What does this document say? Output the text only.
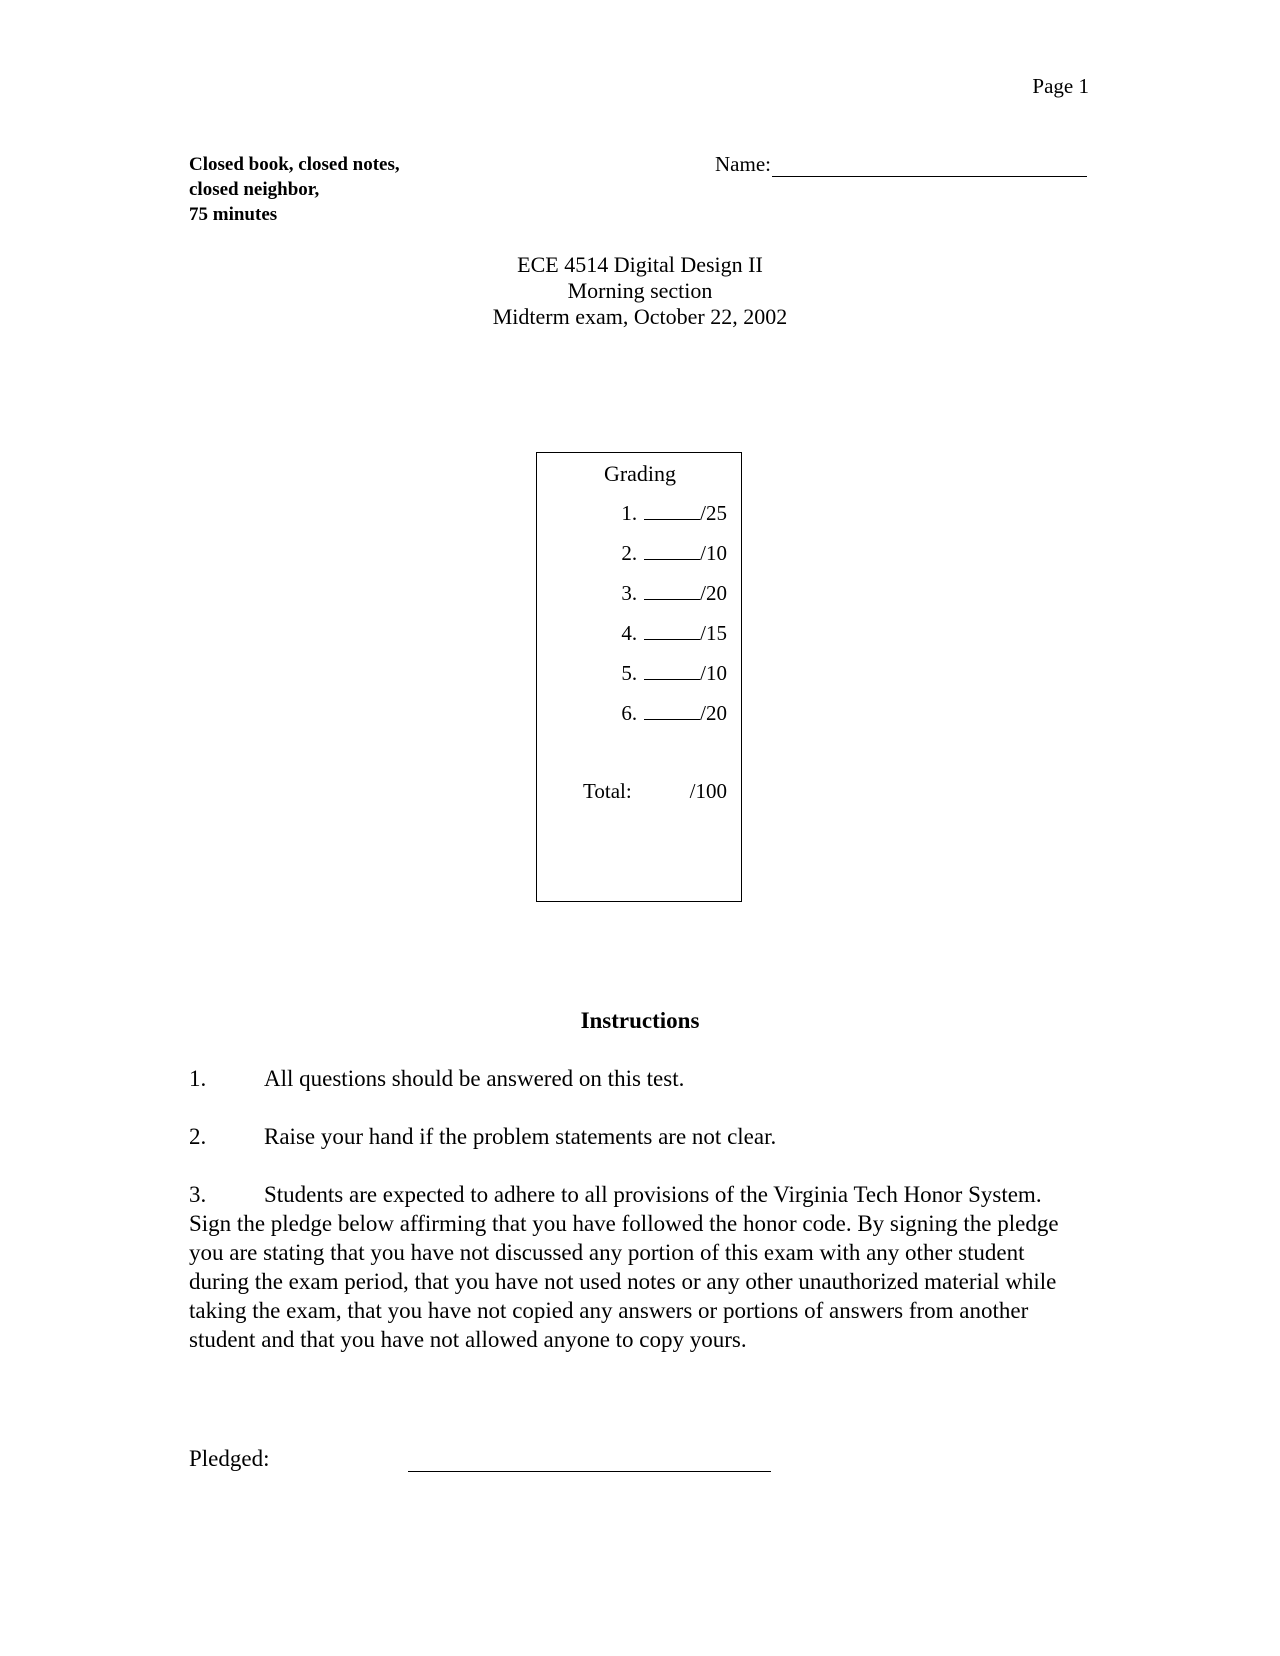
Page 1
Closed book, closed notes,
closed neighbor,
75 minutes
Name:
ECE 4514 Digital Design II
Morning section
Midterm exam, October 22, 2002
Grading
1.	/25
2.	/10
3.	/20
4.	/15
5.	/10
6.	/20
Total:	/100
Instructions
1.	All questions should be answered on this test.
2.	Raise your hand if the problem statements are not clear.
3.	Students are expected to adhere to all provisions of the Virginia Tech Honor System. Sign the pledge below affirming that you have followed the honor code. By signing the pledge you are stating that you have not discussed any portion of this exam with any other student during the exam period, that you have not used notes or any other unauthorized material while taking the exam, that you have not copied any answers or portions of answers from another student and that you have not allowed anyone to copy yours.
Pledged:
